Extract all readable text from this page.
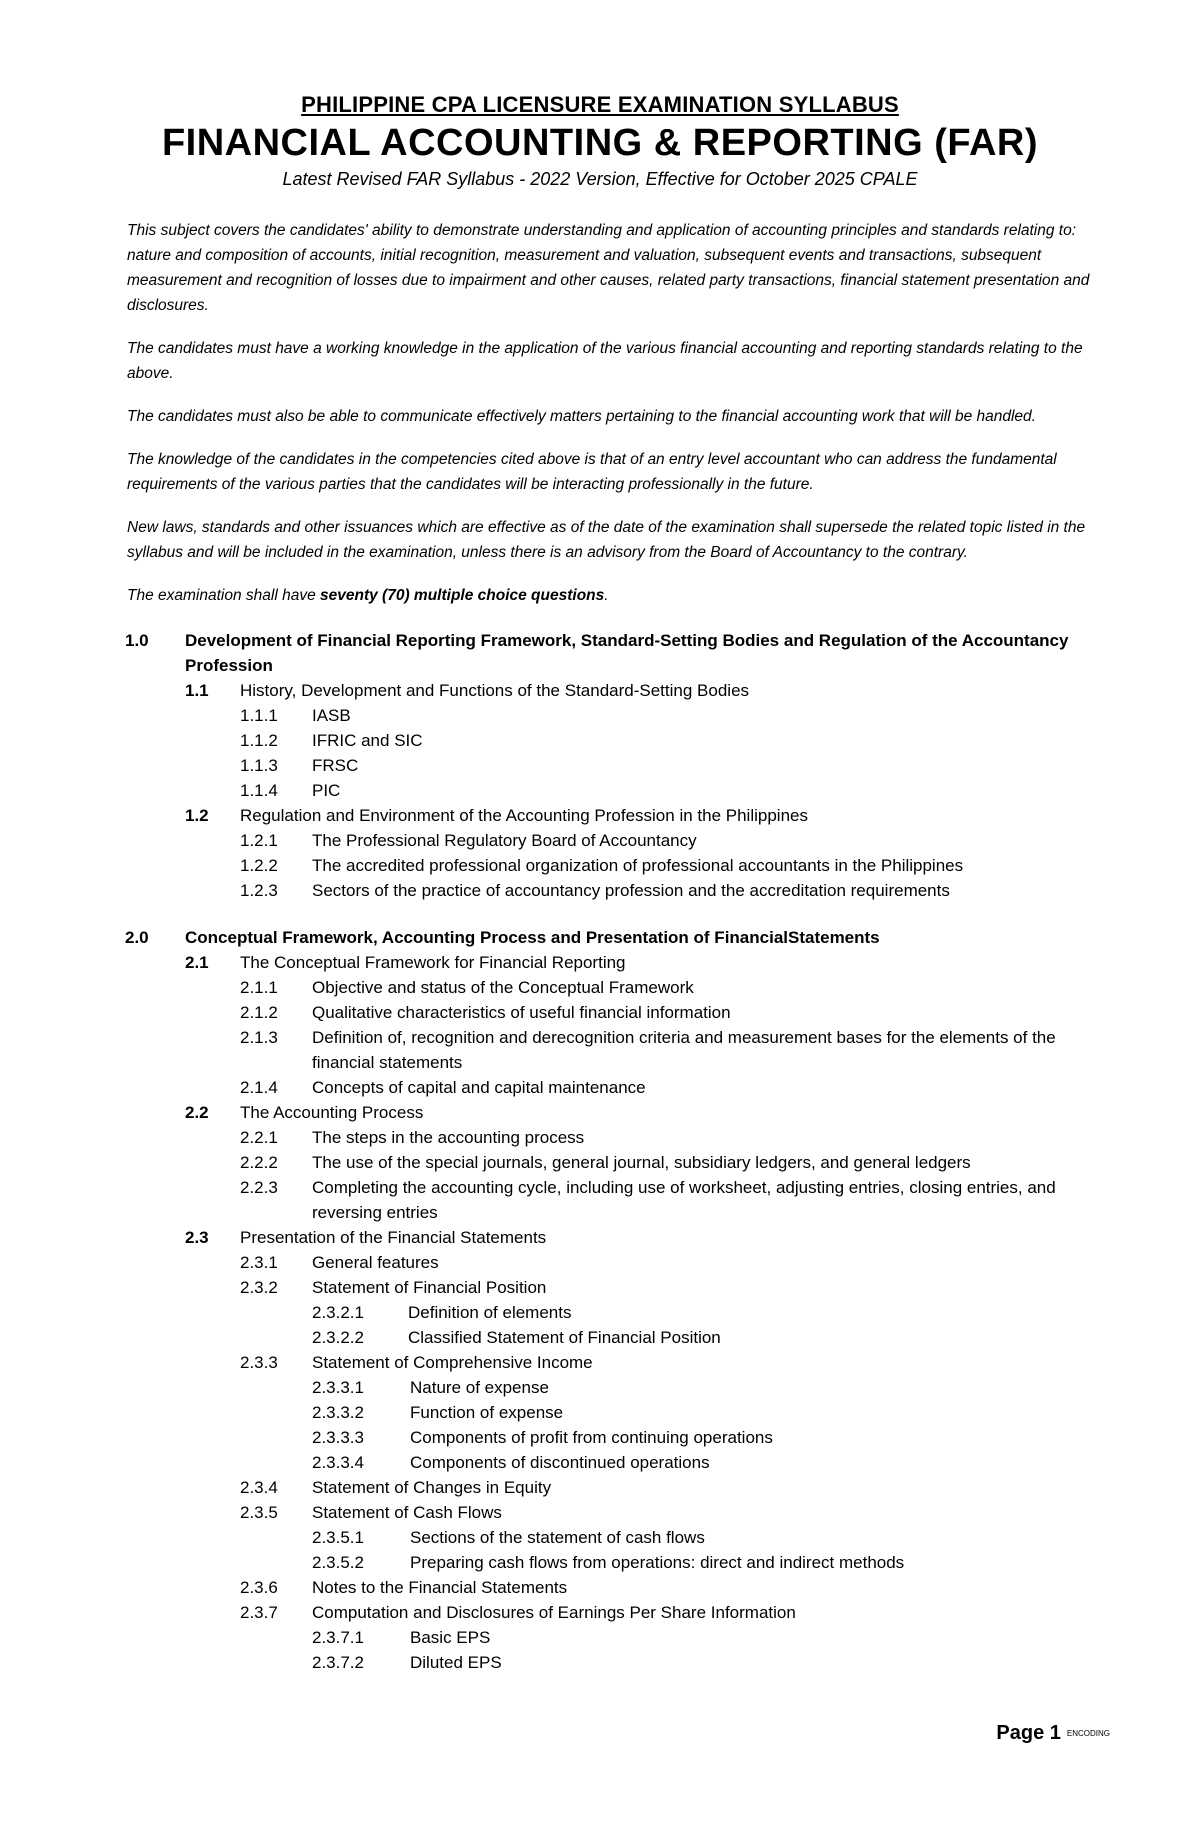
PHILIPPINE CPA LICENSURE EXAMINATION SYLLABUS
FINANCIAL ACCOUNTING & REPORTING (FAR)
Latest Revised FAR Syllabus - 2022 Version, Effective for October 2025 CPALE

This subject covers the candidates' ability to demonstrate understanding and application of accounting principles and standards relating to: nature and composition of accounts, initial recognition, measurement and valuation, subsequent events and transactions, subsequent measurement and recognition of losses due to impairment and other causes, related party transactions, financial statement presentation and disclosures.

The candidates must have a working knowledge in the application of the various financial accounting and reporting standards relating to the above.

The candidates must also be able to communicate effectively matters pertaining to the financial accounting work that will be handled.

The knowledge of the candidates in the competencies cited above is that of an entry level accountant who can address the fundamental requirements of the various parties that the candidates will be interacting professionally in the future.

New laws, standards and other issuances which are effective as of the date of the examination shall supersede the related topic listed in the syllabus and will be included in the examination, unless there is an advisory from the Board of Accountancy to the contrary.

The examination shall have seventy (70) multiple choice questions.

1.0 Development of Financial Reporting Framework, Standard-Setting Bodies and Regulation of the Accountancy Profession
1.1 History, Development and Functions of the Standard-Setting Bodies
1.1.1 IASB
1.1.2 IFRIC and SIC
1.1.3 FRSC
1.1.4 PIC
1.2 Regulation and Environment of the Accounting Profession in the Philippines
1.2.1 The Professional Regulatory Board of Accountancy
1.2.2 The accredited professional organization of professional accountants in the Philippines
1.2.3 Sectors of the practice of accountancy profession and the accreditation requirements
2.0 Conceptual Framework, Accounting Process and Presentation of FinancialStatements
2.1 The Conceptual Framework for Financial Reporting
2.1.1 Objective and status of the Conceptual Framework
2.1.2 Qualitative characteristics of useful financial information
2.1.3 Definition of, recognition and derecognition criteria and measurement bases for the elements of the financial statements
2.1.4 Concepts of capital and capital maintenance
2.2 The Accounting Process
2.2.1 The steps in the accounting process
2.2.2 The use of the special journals, general journal, subsidiary ledgers, and general ledgers
2.2.3 Completing the accounting cycle, including use of worksheet, adjusting entries, closing entries, and reversing entries
2.3 Presentation of the Financial Statements
2.3.1 General features
2.3.2 Statement of Financial Position
2.3.2.1	Definition of elements
2.3.2.2	Classified Statement of Financial Position
2.3.3 Statement of Comprehensive Income
2.3.3.1	Nature of expense
2.3.3.2	Function of expense
2.3.3.3	Components of profit from continuing operations
2.3.3.4	Components of discontinued operations
2.3.4 Statement of Changes in Equity
2.3.5 Statement of Cash Flows
2.3.5.1	Sections of the statement of cash flows
2.3.5.2	Preparing cash flows from operations: direct and indirect methods
2.3.6 Notes to the Financial Statements
2.3.7 Computation and Disclosures of Earnings Per Share Information
2.3.7.1	Basic EPS
2.3.7.2	Diluted EPS
Page 1 ENCODING
